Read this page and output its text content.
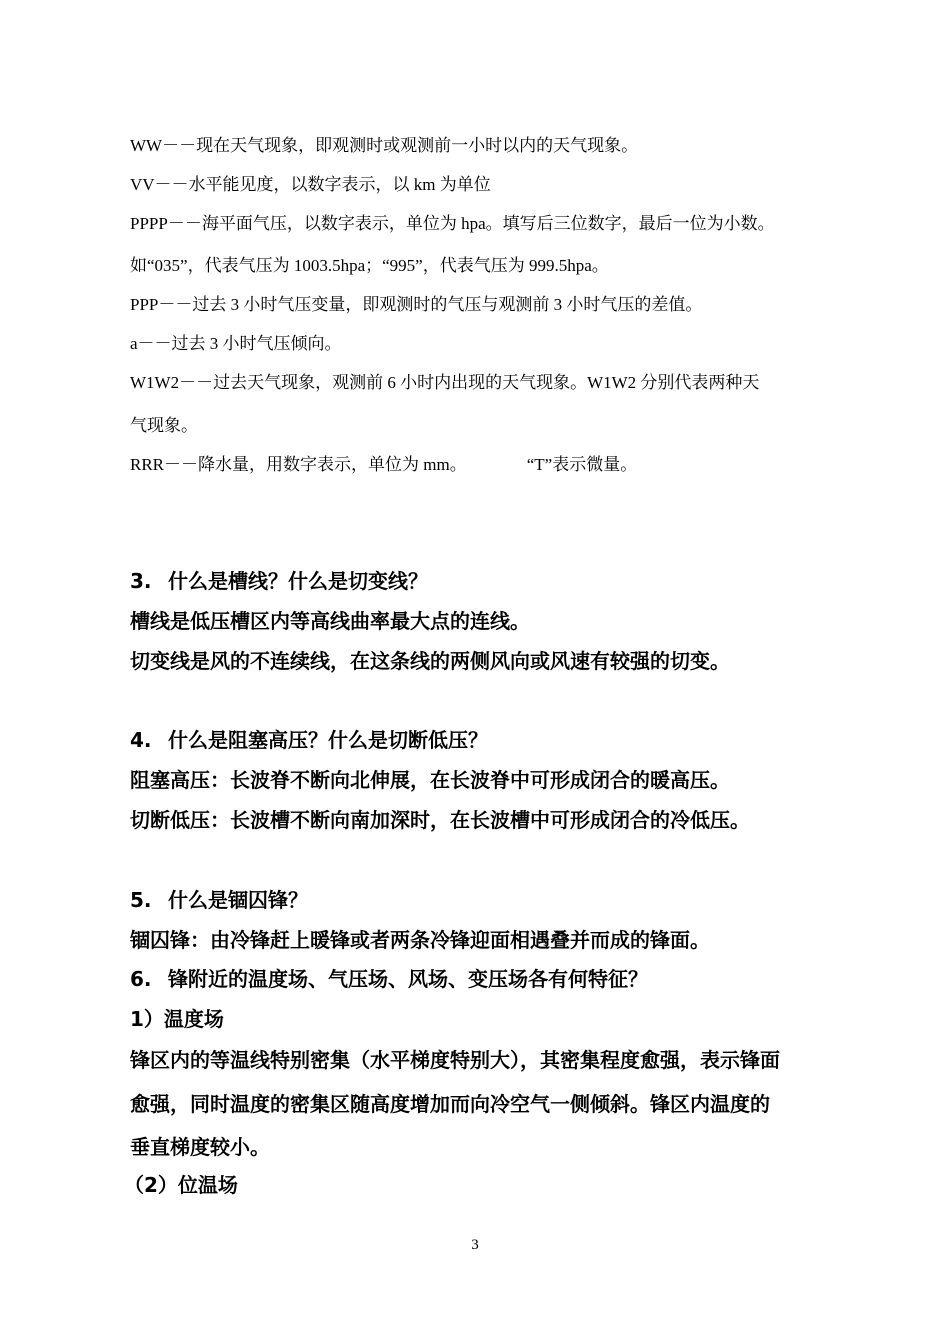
WW－－现在天气现象，即观测时或观测前一小时以内的天气现象。
VV－－水平能见度，以数字表示，以 km 为单位
PPPP－－海平面气压，以数字表示，单位为 hpa。填写后三位数字，最后一位为小数。
如“035”，代表气压为 1003.5hpa；“995”，代表气压为 999.5hpa。
PPP－－过去 3 小时气压变量，即观测时的气压与观测前 3 小时气压的差值。
a－－过去 3 小时气压倾向。
W1W2－－过去天气现象，观测前 6 小时内出现的天气现象。W1W2 分别代表两种天
气现象。
RRR－－降水量，用数字表示，单位为 mm。	“T”表示微量。
3. 什么是槽线？什么是切变线？
槽线是低压槽区内等高线曲率最大点的连线。
切变线是风的不连续线，在这条线的两侧风向或风速有较强的切变。
4. 什么是阻塞高压？什么是切断低压？
阻塞高压：长波脊不断向北伸展，在长波脊中可形成闭合的暖高压。
切断低压：长波槽不断向南加深时，在长波槽中可形成闭合的冷低压。
5. 什么是锢囚锋？
锢囚锋：由冷锋赶上暖锋或者两条冷锋迎面相遇叠并而成的锋面。
6. 锋附近的温度场、气压场、风场、变压场各有何特征？
1）温度场
锋区内的等温线特别密集（水平梯度特别大），其密集程度愈强，表示锋面
愈强，同时温度的密集区随高度增加而向冷空气一侧倾斜。锋区内温度的
垂直梯度较小。
（2）位温场
3
